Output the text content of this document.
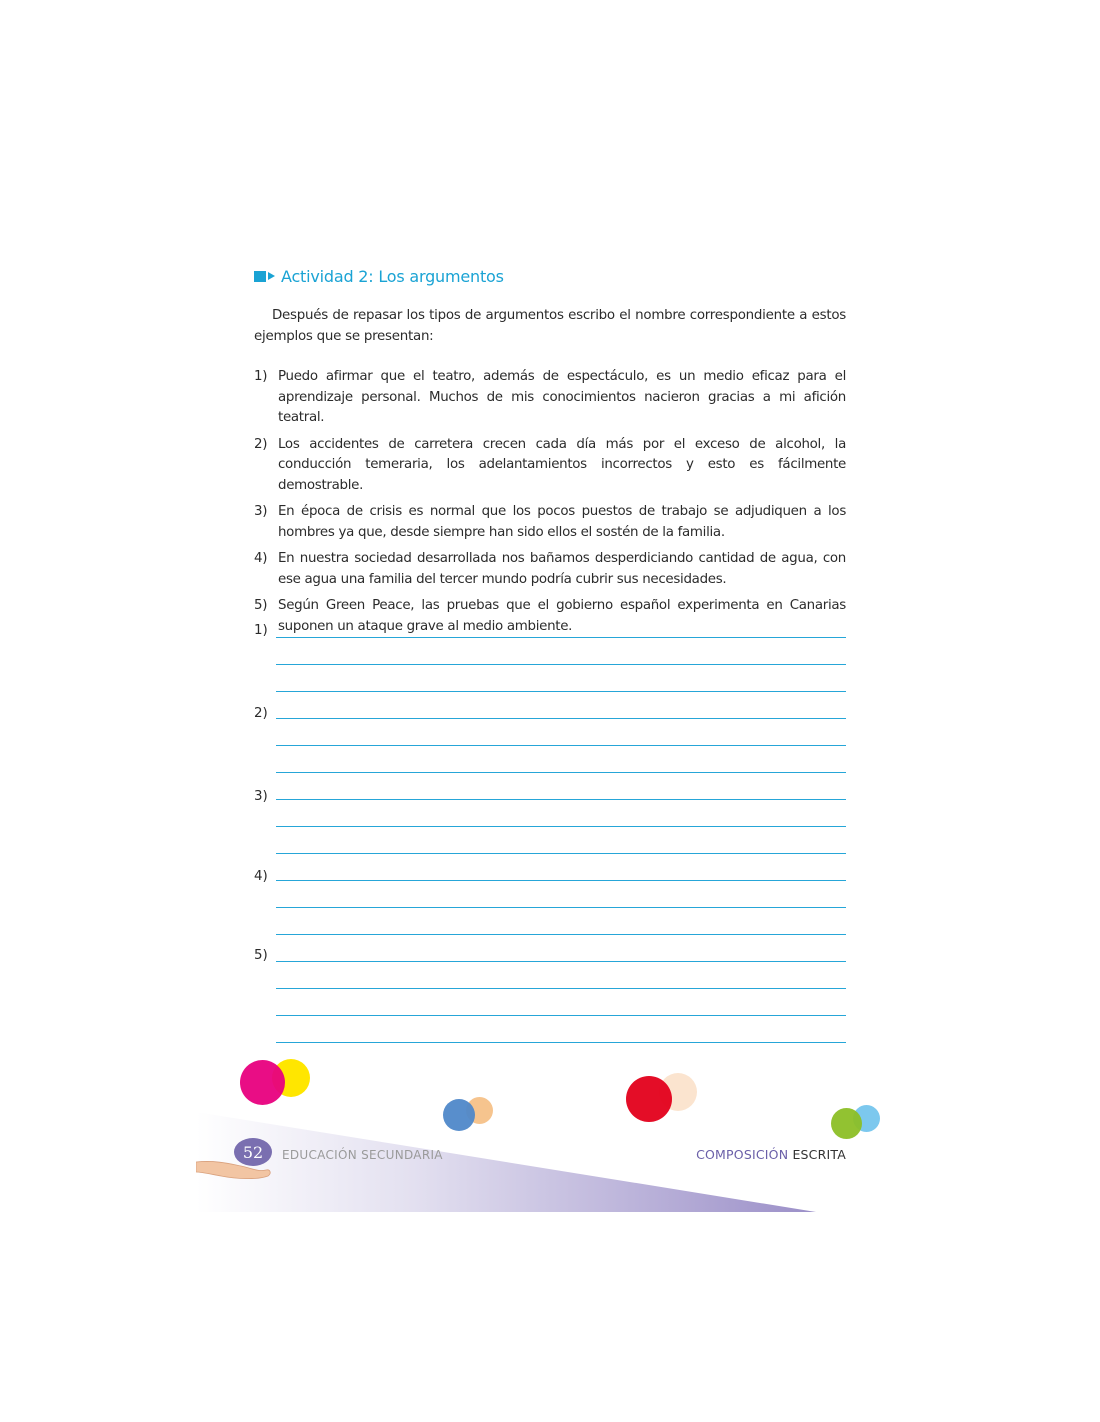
Actividad 2: Los argumentos

Después de repasar los tipos de argumentos escribo el nombre correspondiente a estos ejemplos que se presentan:

1) Puedo afirmar que el teatro, además de espectáculo, es un medio eficaz para el aprendizaje personal. Muchos de mis conocimientos nacieron gracias a mi afición teatral.
2) Los accidentes de carretera crecen cada día más por el exceso de alcohol, la conducción temeraria, los adelantamientos incorrectos y esto es fácilmente demostrable.
3) En época de crisis es normal que los pocos puestos de trabajo se adjudiquen a los hombres ya que, desde siempre han sido ellos el sostén de la familia.
4) En nuestra sociedad desarrollada nos bañamos desperdiciando cantidad de agua, con ese agua una familia del tercer mundo podría cubrir sus necesidades.
5) Según Green Peace, las pruebas que el gobierno español experimenta en Canarias suponen un ataque grave al medio ambiente.
1)
2)
3)
4)
5)
52	EDUCACIÓN SECUNDARIA	COMPOSICIÓN ESCRITA
